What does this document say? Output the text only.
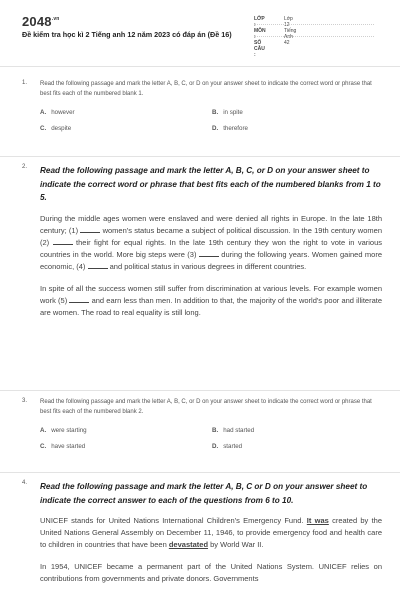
$2048^{.vn}$
Đề kiểm tra học kì 2 Tiếng anh 12 năm 2023 có đáp án (Đề 16)
LỚP :
Lớp 12
MÔN :
Tiếng Anh
SỐ CÂU :
42
1. Read the following passage and mark the letter A, B, C, or D on your answer sheet to indicate the correct word or phrase that best fits each of the numbered blank 1.
A. however	B. in spite
C. despite	D. therefore
2. Read the following passage and mark the letter A, B, C, or D on your answer sheet to indicate the correct word or phrase that best fits each of the numbered blanks from 1 to 5.

During the middle ages women were enslaved and were denied all rights in Europe. In the late 18th century; (1)	women's status became a subject of political discussion. In the 19th century women (2)	their fight for equal rights. In the late 19th century they won the right to vote in various countries in the world. More big steps were (3)	during the following years. Women gained more economic, (4)	and political status in various degrees in different countries.

In spite of all the success women still suffer from discrimination at various levels. For example women work (5)	and earn less than men. In addition to that, the majority of the world's poor and illiterate are women. The road to real equality is still long.

3. Read the following passage and mark the letter A, B, C, or D on your answer sheet to indicate the correct word or phrase that best fits each of the numbered blank 2.
A. were starting	B. had started
C. have started	D. started
4. Read the following passage and mark the letter A, B, C or D on your answer sheet to indicate the correct answer to each of the questions from 6 to 10.

UNICEF stands for United Nations International Children's Emergency Fund. It was created by the United Nations General Assembly on December 11, 1946, to provide emergency food and health care to children in countries that have been devastated by World War II.

In 1954, UNICEF became a permanent part of the United Nations System. UNICEF relies on contributions from governments and private donors. Governments
